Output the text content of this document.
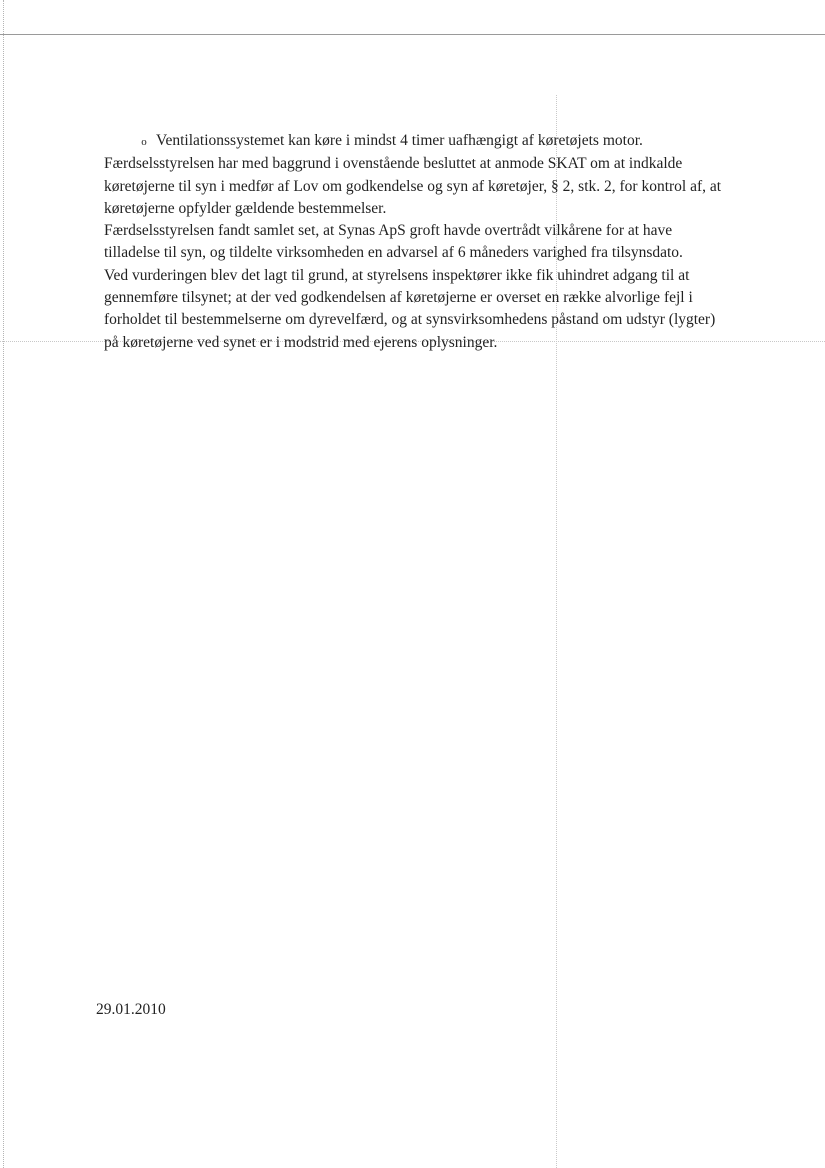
o Ventilationssystemet kan køre i mindst 4 timer uafhængigt af køretøjets motor.

Færdselsstyrelsen har med baggrund i ovenstående besluttet at anmode SKAT om at indkalde
køretøjerne til syn i medfør af Lov om godkendelse og syn af køretøjer, § 2, stk. 2, for kontrol af, at
køretøjerne opfylder gældende bestemmelser.

Færdselsstyrelsen fandt samlet set, at Synas ApS groft havde overtrådt vilkårene for at have
tilladelse til syn, og tildelte virksomheden en advarsel af 6 måneders varighed fra tilsynsdato.

Ved vurderingen blev det lagt til grund, at styrelsens inspektører ikke fik uhindret adgang til at
gennemføre tilsynet; at der ved godkendelsen af køretøjerne er overset en række alvorlige fejl i
forholdet til bestemmelserne om dyrevelfærd, og at synsvirksomhedens påstand om udstyr (lygter)
på køretøjerne ved synet er i modstrid med ejerens oplysninger.

29.01.2010
